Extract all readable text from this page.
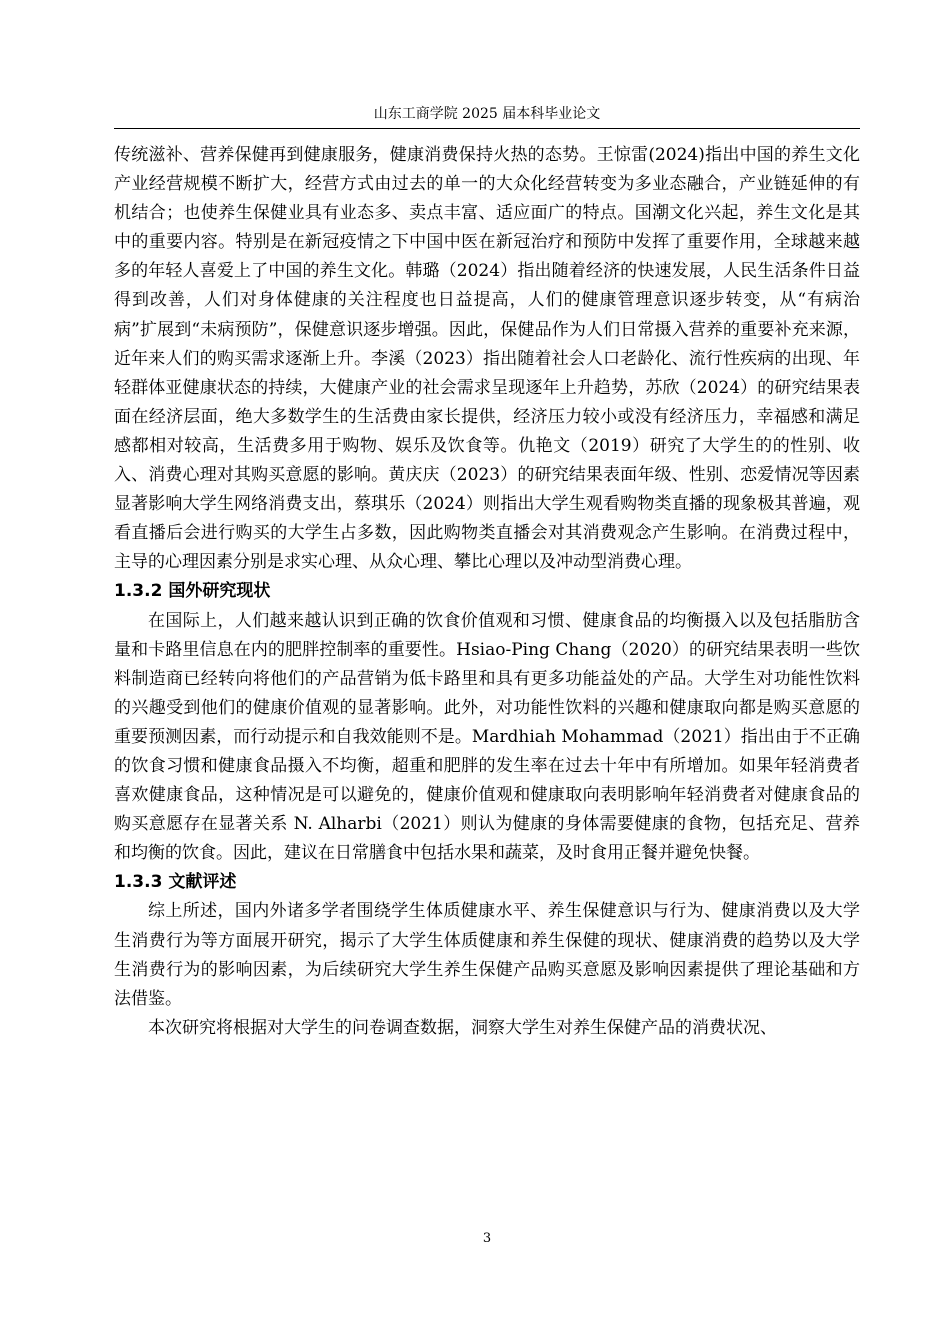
山东工商学院 2025 届本科毕业论文

传统滋补、营养保健再到健康服务，健康消费保持火热的态势。王惊雷(2024)指出中国的养生文化产业经营规模不断扩大，经营方式由过去的单一的大众化经营转变为多业态融合，产业链延伸的有机结合；也使养生保健业具有业态多、卖点丰富、适应面广的特点。国潮文化兴起，养生文化是其中的重要内容。特别是在新冠疫情之下中国中医在新冠治疗和预防中发挥了重要作用，全球越来越多的年轻人喜爱上了中国的养生文化。韩璐（2024）指出随着经济的快速发展，人民生活条件日益得到改善，人们对身体健康的关注程度也日益提高，人们的健康管理意识逐步转变，从“有病治病”扩展到“未病预防”，保健意识逐步增强。因此，保健品作为人们日常摄入营养的重要补充来源，近年来人们的购买需求逐渐上升。李溪（2023）指出随着社会人口老龄化、流行性疾病的出现、年轻群体亚健康状态的持续，大健康产业的社会需求呈现逐年上升趋势，苏欣（2024）的研究结果表面在经济层面，绝大多数学生的生活费由家长提供，经济压力较小或没有经济压力，幸福感和满足感都相对较高，生活费多用于购物、娱乐及饮食等。仇艳文（2019）研究了大学生的的性别、收入、消费心理对其购买意愿的影响。黄庆庆（2023）的研究结果表面年级、性别、恋爱情况等因素显著影响大学生网络消费支出，蔡琪乐（2024）则指出大学生观看购物类直播的现象极其普遍，观看直播后会进行购买的大学生占多数，因此购物类直播会对其消费观念产生影响。在消费过程中，主导的心理因素分别是求实心理、从众心理、攀比心理以及冲动型消费心理。

1.3.2 国外研究现状

在国际上，人们越来越认识到正确的饮食价值观和习惯、健康食品的均衡摄入以及包括脂肪含量和卡路里信息在内的肥胖控制率的重要性。Hsiao-Ping Chang（2020）的研究结果表明一些饮料制造商已经转向将他们的产品营销为低卡路里和具有更多功能益处的产品。大学生对功能性饮料的兴趣受到他们的健康价值观的显著影响。此外，对功能性饮料的兴趣和健康取向都是购买意愿的重要预测因素，而行动提示和自我效能则不是。Mardhiah Mohammad（2021）指出由于不正确的饮食习惯和健康食品摄入不均衡，超重和肥胖的发生率在过去十年中有所增加。如果年轻消费者喜欢健康食品，这种情况是可以避免的，健康价值观和健康取向表明影响年轻消费者对健康食品的购买意愿存在显著关系 N. Alharbi（2021）则认为健康的身体需要健康的食物，包括充足、营养和均衡的饮食。因此，建议在日常膳食中包括水果和蔬菜，及时食用正餐并避免快餐。

1.3.3 文献评述

综上所述，国内外诸多学者围绕学生体质健康水平、养生保健意识与行为、健康消费以及大学生消费行为等方面展开研究，揭示了大学生体质健康和养生保健的现状、健康消费的趋势以及大学生消费行为的影响因素，为后续研究大学生养生保健产品购买意愿及影响因素提供了理论基础和方法借鉴。

本次研究将根据对大学生的问卷调查数据，洞察大学生对养生保健产品的消费状况、

3
